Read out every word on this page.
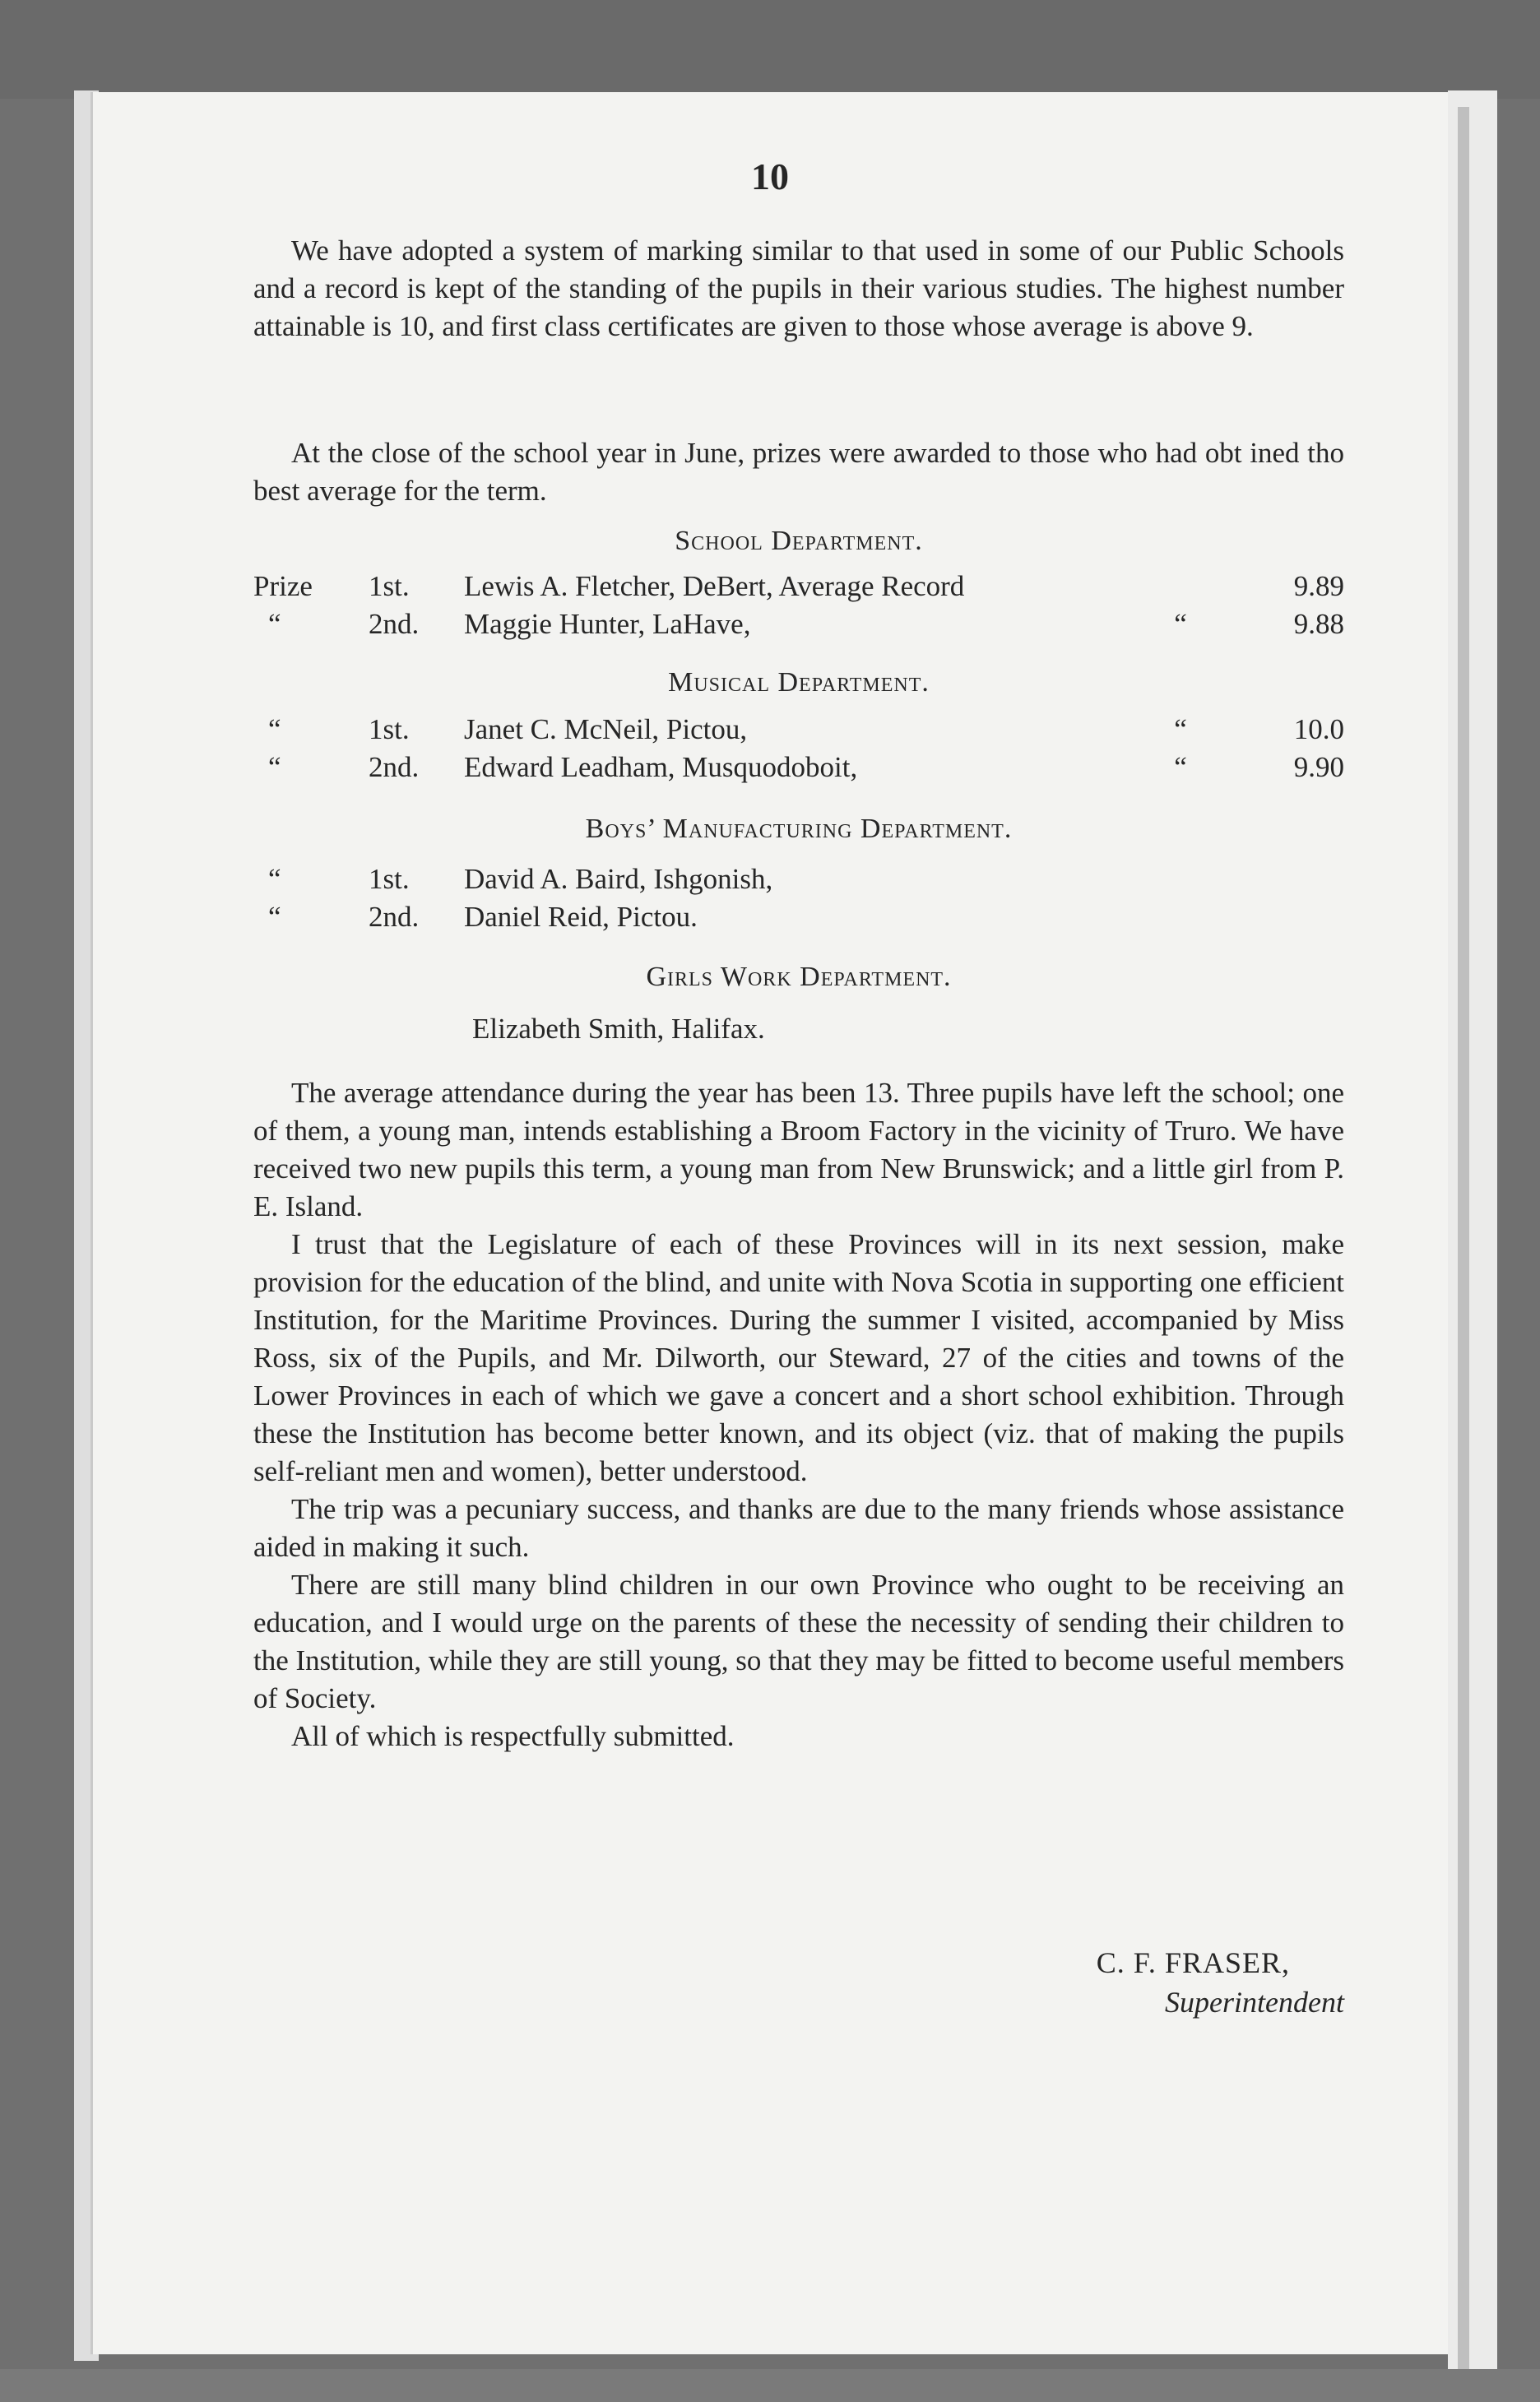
10

We have adopted a system of marking similar to that used in some of our Public Schools and a record is kept of the standing of the pupils in their various studies. The highest number attainable is 10, and first class certificates are given to those whose average is above 9.

At the close of the school year in June, prizes were awarded to those who had obt ined tho best average for the term.

School Department.

Prize	1st.	Lewis A. Fletcher, DeBert, Average Record		9.89
“	2nd.	Maggie Hunter, LaHave,	“	9.88

Musical Department.

“	1st.	Janet C. McNeil, Pictou,	“	10.0
“	2nd.	Edward Leadham, Musquodoboit,	“	9.90

Boys’ Manufacturing Department.

“	1st.	David A. Baird, Ishgonish,
“	2nd.	Daniel Reid, Pictou.

Girls Work Department.

Elizabeth Smith, Halifax.

The average attendance during the year has been 13. Three pupils have left the school; one of them, a young man, intends establishing a Broom Factory in the vicinity of Truro. We have received two new pupils this term, a young man from New Brunswick; and a little girl from P. E. Island.

I trust that the Legislature of each of these Provinces will in its next session, make provision for the education of the blind, and unite with Nova Scotia in supporting one efficient Institution, for the Maritime Provinces. During the summer I visited, accompanied by Miss Ross, six of the Pupils, and Mr. Dilworth, our Steward, 27 of the cities and towns of the Lower Provinces in each of which we gave a concert and a short school exhibition. Through these the Institution has become better known, and its object (viz. that of making the pupils self-reliant men and women), better understood.

The trip was a pecuniary success, and thanks are due to the many friends whose assistance aided in making it such.

There are still many blind children in our own Province who ought to be receiving an education, and I would urge on the parents of these the necessity of sending their children to the Institution, while they are still young, so that they may be fitted to become useful members of Society.

All of which is respectfully submitted.

C. F. FRASER,
Superintendent
